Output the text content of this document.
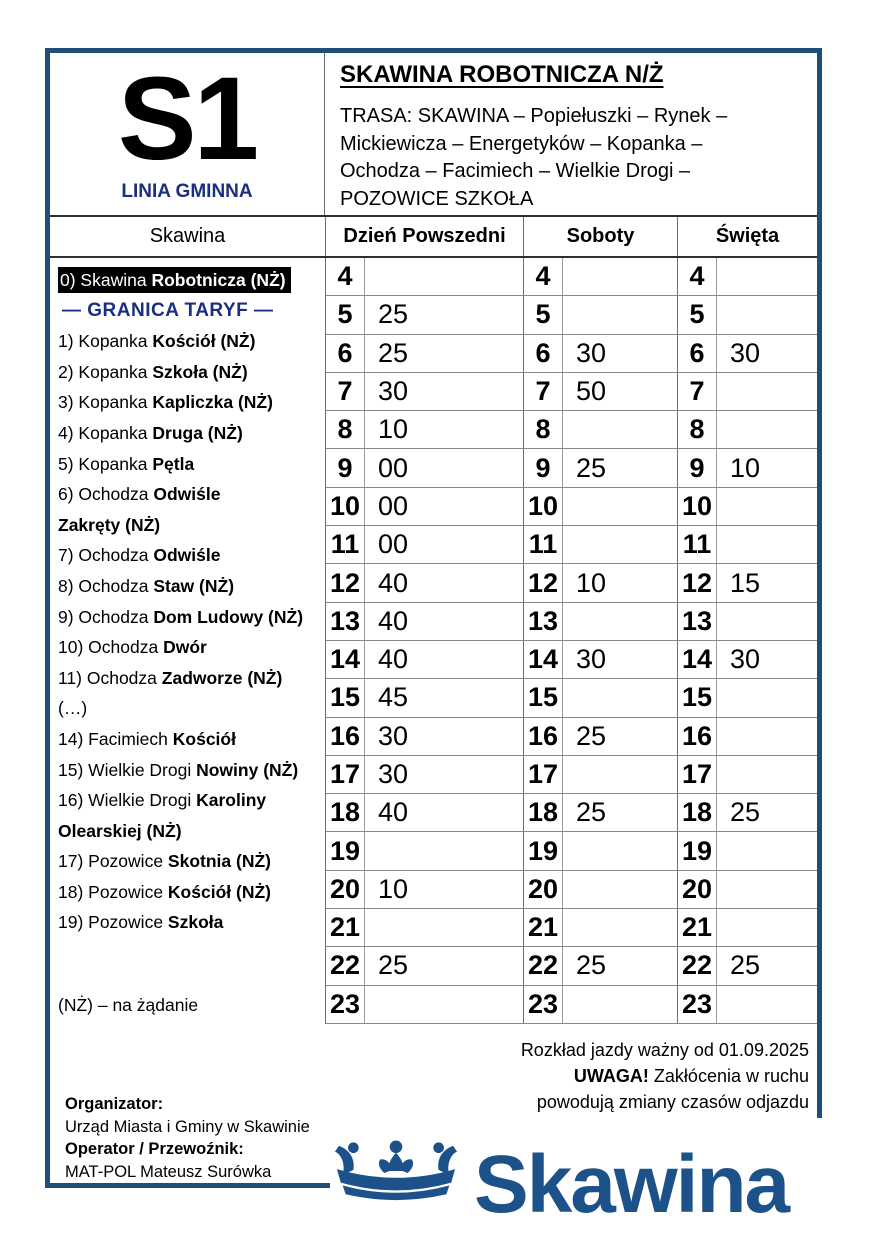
S1
LINIA GMINNA
SKAWINA ROBOTNICZA N/Ż
TRASA: SKAWINA – Popiełuszki – Rynek – Mickiewicza – Energetyków – Kopanka – Ochodza – Facimiech – Wielkie Drogi – POZOWICE SZKOŁA
Skawina	Dzień Powszedni	Soboty	Święta
0) Skawina Robotnicza (NŻ)
— GRANICA TARYF —
1) Kopanka Kościół (NŻ)
2) Kopanka Szkoła (NŻ)
3) Kopanka Kapliczka (NŻ)
4) Kopanka Druga (NŻ)
5) Kopanka Pętla
6) Ochodza Odwiśle
Zakręty (NŻ)
7) Ochodza Odwiśle
8) Ochodza Staw (NŻ)
9) Ochodza Dom Ludowy (NŻ)
10) Ochodza Dwór
11) Ochodza Zadworze (NŻ)
(…)
14) Facimiech Kościół
15) Wielkie Drogi Nowiny (NŻ)
16) Wielkie Drogi Karoliny
Olearskiej (NŻ)
17) Pozowice Skotnia (NŻ)
18) Pozowice Kościół (NŻ)
19) Pozowice Szkoła
(NŻ) – na żądanie
4	4	4
5 25	5	5
6 25	6 30	6 30
7 30	7 50	7
8 10	8	8
9 00	9 25	9 10
10 00	10	10
11 00	11	11
12 40	12 10	12 15
13 40	13	13
14 40	14 30	14 30
15 45	15	15
16 30	16 25	16
17 30	17	17
18 40	18 25	18 25
19	19	19
20 10	20	20
21	21	21
22 25	22 25	22 25
23	23	23
Rozkład jazdy ważny od 01.09.2025
UWAGA! Zakłócenia w ruchu
powodują zmiany czasów odjazdu
Organizator:
Urząd Miasta i Gminy w Skawinie
Operator / Przewoźnik:
MAT-POL Mateusz Surówka	Skawina
